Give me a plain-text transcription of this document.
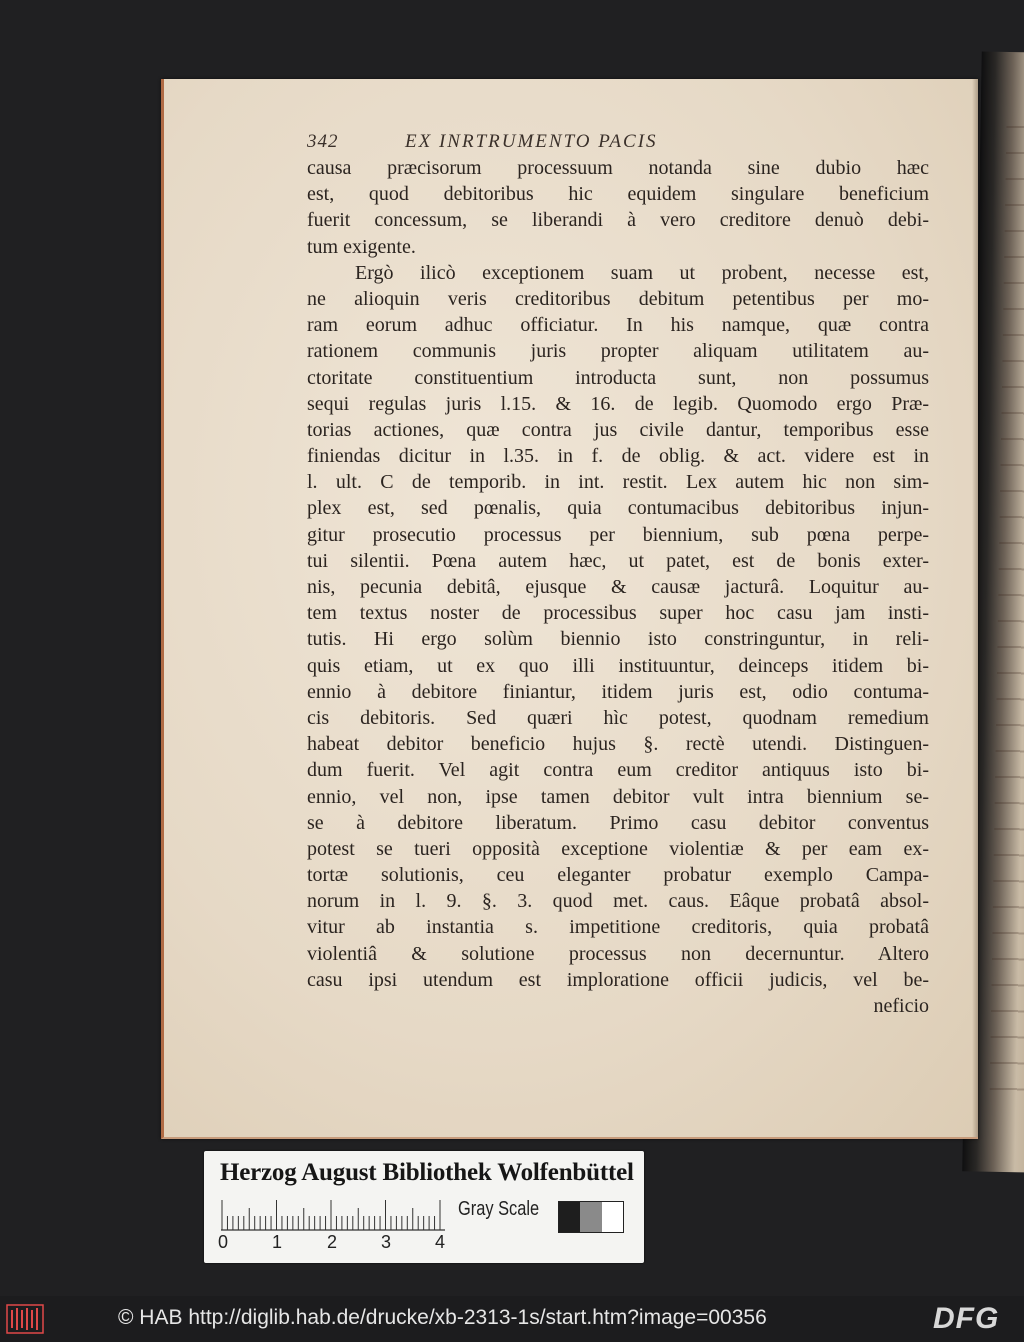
342	EX INRTRUMENTO PACIS
causa præcisorum processuum notanda sine dubio hæc
est, quod debitoribus hic equidem singulare beneficium
fuerit concessum, se liberandi à vero creditore denuò debi-
tum exigente.
Ergò ilicò exceptionem suam ut probent, necesse est,
ne alioquin veris creditoribus debitum petentibus per mo-
ram eorum adhuc officiatur. In his namque, quæ contra
rationem communis juris propter aliquam utilitatem au-
ctoritate constituentium introducta sunt, non possumus
sequi regulas juris l.15. & 16. de legib. Quomodo ergo Præ-
torias actiones, quæ contra jus civile dantur, temporibus esse
finiendas dicitur in l.35. in f. de oblig. & act. videre est in
l. ult. C de temporib. in int. restit. Lex autem hic non sim-
plex est, sed pœnalis, quia contumacibus debitoribus injun-
gitur prosecutio processus per biennium, sub pœna perpe-
tui silentii. Pœna autem hæc, ut patet, est de bonis exter-
nis, pecunia debitâ, ejusque & causæ jacturâ. Loquitur au-
tem textus noster de processibus super hoc casu jam insti-
tutis. Hi ergo solùm biennio isto constringuntur, in reli-
quis etiam, ut ex quo illi instituuntur, deinceps itidem bi-
ennio à debitore finiantur, itidem juris est, odio contuma-
cis debitoris. Sed quæri hìc potest, quodnam remedium
habeat debitor beneficio hujus §. rectè utendi. Distinguen-
dum fuerit. Vel agit contra eum creditor antiquus isto bi-
ennio, vel non, ipse tamen debitor vult intra biennium se-
se à debitore liberatum. Primo casu debitor conventus
potest se tueri opposità exceptione violentiæ & per eam ex-
tortæ solutionis, ceu eleganter probatur exemplo Campa-
norum in l. 9. §. 3. quod met. caus. Eâque probatâ absol-
vitur ab instantia s. impetitione creditoris, quia probatâ
violentiâ & solutione processus non decernuntur. Altero
casu ipsi utendum est imploratione officii judicis, vel be-
neficio
Herzog August Bibliothek Wolfenbüttel
Gray Scale
0 1 2 3 4
© HAB http://diglib.hab.de/drucke/xb-2313-1s/start.htm?image=00356	DFG
